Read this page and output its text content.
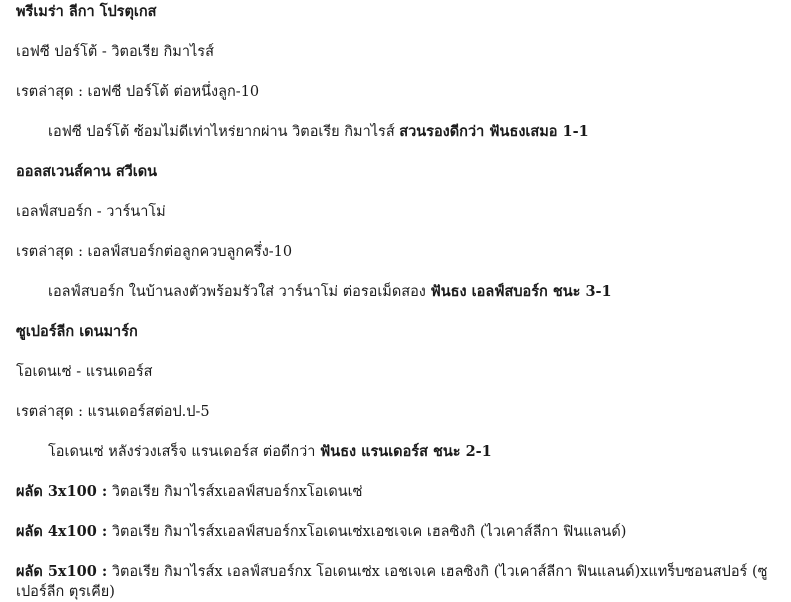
พรีเมร่า ลีกา โปรตุเกส
เอฟซี ปอร์โต้ - วิตอเรีย กิมาไรส์
เรตล่าสุด : เอฟซี ปอร์โต้ ต่อหนึ่งลูก-10
เอฟซี ปอร์โต้ ซ้อมไม่ดีเท่าไหร่ยากผ่าน วิตอเรีย กิมาไรส์ สวนรองดีกว่า ฟันธงเสมอ 1-1
ออลสเวนส์คาน สวีเดน
เอลฟ์สบอร์ก - วาร์นาโม่
เรตล่าสุด : เอลฟ์สบอร์กต่อลูกควบลูกครึ่ง-10
เอลฟ์สบอร์ก ในบ้านลงตัวพร้อมรัวใส่ วาร์นาโม่ ต่อรอเม็ดสอง ฟันธง เอลฟ์สบอร์ก ชนะ 3-1
ซูเปอร์ลีก เดนมาร์ก
โอเดนเซ่ - แรนเดอร์ส
เรตล่าสุด : แรนเดอร์สต่อป.ป-5
โอเดนเซ่ หลังร่วงเสร็จ แรนเดอร์ส ต่อดีกว่า ฟันธง แรนเดอร์ส ชนะ 2-1
ผลัด 3x100 : วิตอเรีย กิมาไรส์xเอลฟ์สบอร์กxโอเดนเซ่
ผลัด 4x100 : วิตอเรีย กิมาไรส์xเอลฟ์สบอร์กxโอเดนเซ่xเอชเจเค เฮลซิงกิ (ไวเคาส์ลีกา ฟินแลนด์)
ผลัด 5x100 : วิตอเรีย กิมาไรส์x เอลฟ์สบอร์กx โอเดนเซ่x เอชเจเค เฮลซิงกิ (ไวเคาส์ลีกา ฟินแลนด์)xแทร็บซอนสปอร์ (ซูเปอร์ลีก ตุรเคีย)
